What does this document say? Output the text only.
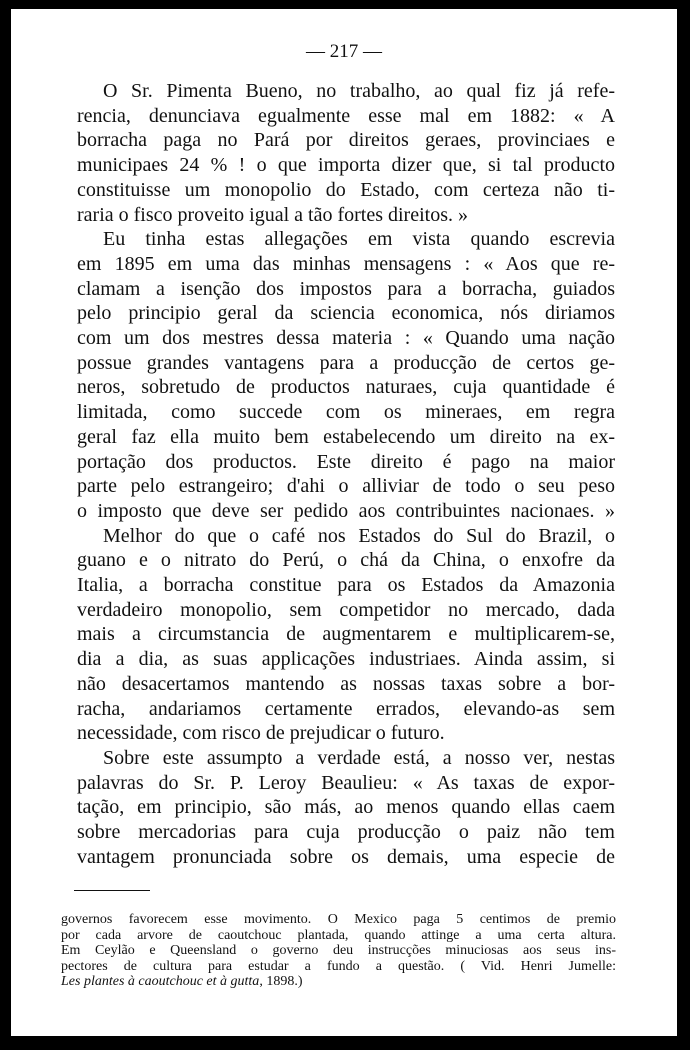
— 217 —

O Sr. Pimenta Bueno, no trabalho, ao qual fiz já refe-
rencia, denunciava egualmente esse mal em 1882: « A
borracha paga no Pará por direitos geraes, provinciaes e
municipaes 24 % ! o que importa dizer que, si tal producto
constituisse um monopolio do Estado, com certeza não ti-
raria o fisco proveito igual a tão fortes direitos. »
Eu tinha estas allegações em vista quando escrevia
em 1895 em uma das minhas mensagens : « Aos que re-
clamam a isenção dos impostos para a borracha, guiados
pelo principio geral da sciencia economica, nós diriamos
com um dos mestres dessa materia : « Quando uma nação
possue grandes vantagens para a producção de certos ge-
neros, sobretudo de productos naturaes, cuja quantidade é
limitada, como succede com os mineraes, em regra
geral faz ella muito bem estabelecendo um direito na ex-
portação dos productos. Este direito é pago na maior
parte pelo estrangeiro; d'ahi o alliviar de todo o seu peso
o imposto que deve ser pedido aos contribuintes nacionaes. »
Melhor do que o café nos Estados do Sul do Brazil, o
guano e o nitrato do Perú, o chá da China, o enxofre da
Italia, a borracha constitue para os Estados da Amazonia
verdadeiro monopolio, sem competidor no mercado, dada
mais a circumstancia de augmentarem e multiplicarem-se,
dia a dia, as suas applicações industriaes. Ainda assim, si
não desacertamos mantendo as nossas taxas sobre a bor-
racha, andariamos certamente errados, elevando-as sem
necessidade, com risco de prejudicar o futuro.
Sobre este assumpto a verdade está, a nosso ver, nestas
palavras do Sr. P. Leroy Beaulieu: « As taxas de expor-
tação, em principio, são más, ao menos quando ellas caem
sobre mercadorias para cuja producção o paiz não tem
vantagem pronunciada sobre os demais, uma especie de
governos favorecem esse movimento. O Mexico paga 5 centimos de premio
por cada arvore de caoutchouc plantada, quando attinge a uma certa altura.
Em Ceylão e Queensland o governo deu instrucções minuciosas aos seus ins-
pectores de cultura para estudar a fundo a questão. ( Vid. Henri Jumelle:
Les plantes à caoutchouc et à gutta, 1898.)
